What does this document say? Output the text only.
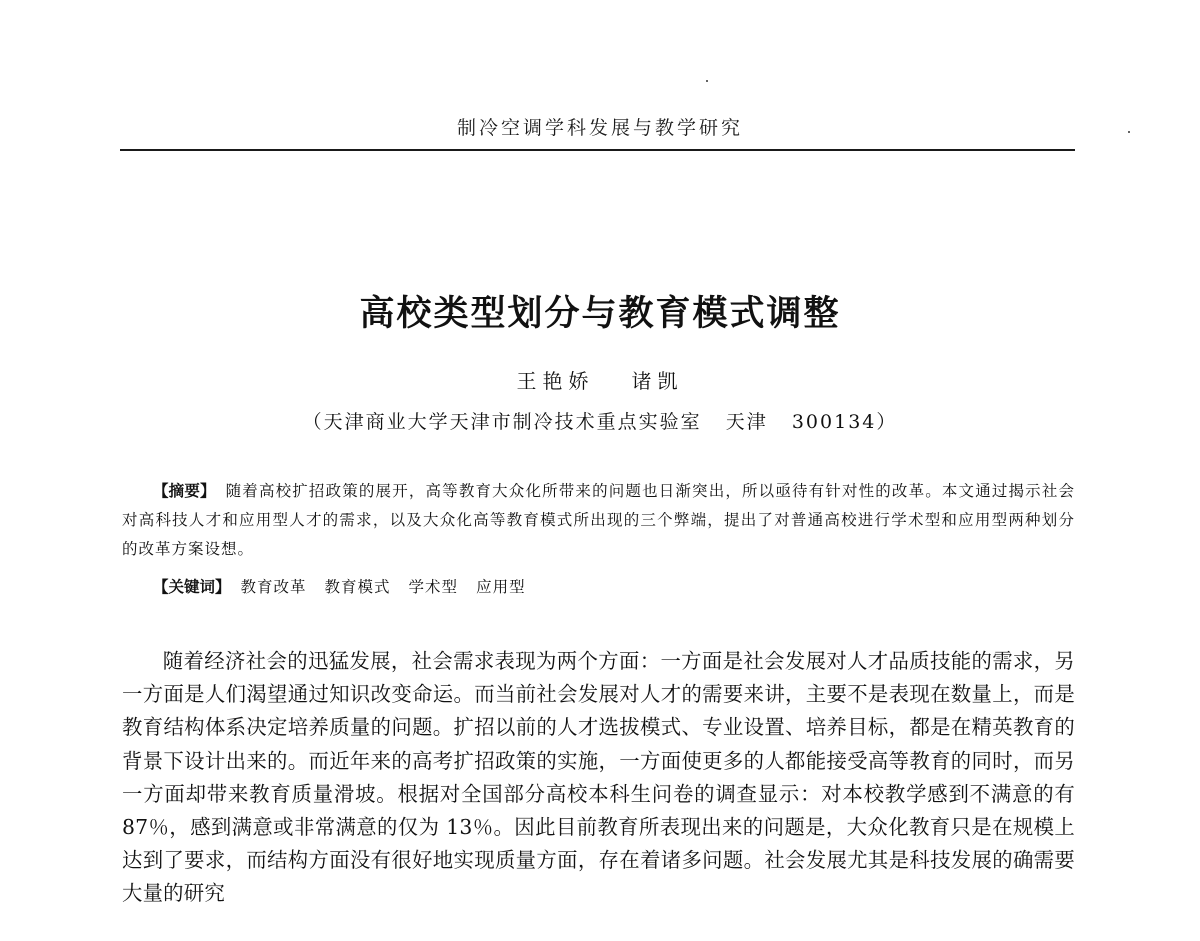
制冷空调学科发展与教学研究
高校类型划分与教育模式调整
王艳娇   诸凯
（天津商业大学天津市制冷技术重点实验室   天津   300134）

【摘要】 随着高校扩招政策的展开，高等教育大众化所带来的问题也日渐突出，所以亟待有针对性的改革。本文通过揭示社会对高科技人才和应用型人才的需求，以及大众化高等教育模式所出现的三个弊端，提出了对普通高校进行学术型和应用型两种划分的改革方案设想。

【关键词】 教育改革 教育模式 学术型 应用型

随着经济社会的迅猛发展，社会需求表现为两个方面：一方面是社会发展对人才品质技能的需求，另一方面是人们渴望通过知识改变命运。而当前社会发展对人才的需要来讲，主要不是表现在数量上，而是教育结构体系决定培养质量的问题。扩招以前的人才选拔模式、专业设置、培养目标，都是在精英教育的背景下设计出来的。而近年来的高考扩招政策的实施，一方面使更多的人都能接受高等教育的同时，而另一方面却带来教育质量滑坡。根据对全国部分高校本科生问卷的调查显示：对本校教学感到不满意的有 87％，感到满意或非常满意的仅为 13％。因此目前教育所表现出来的问题是，大众化教育只是在规模上达到了要求，而结构方面没有很好地实现质量方面，存在着诸多问题。社会发展尤其是科技发展的确需要大量的研究
